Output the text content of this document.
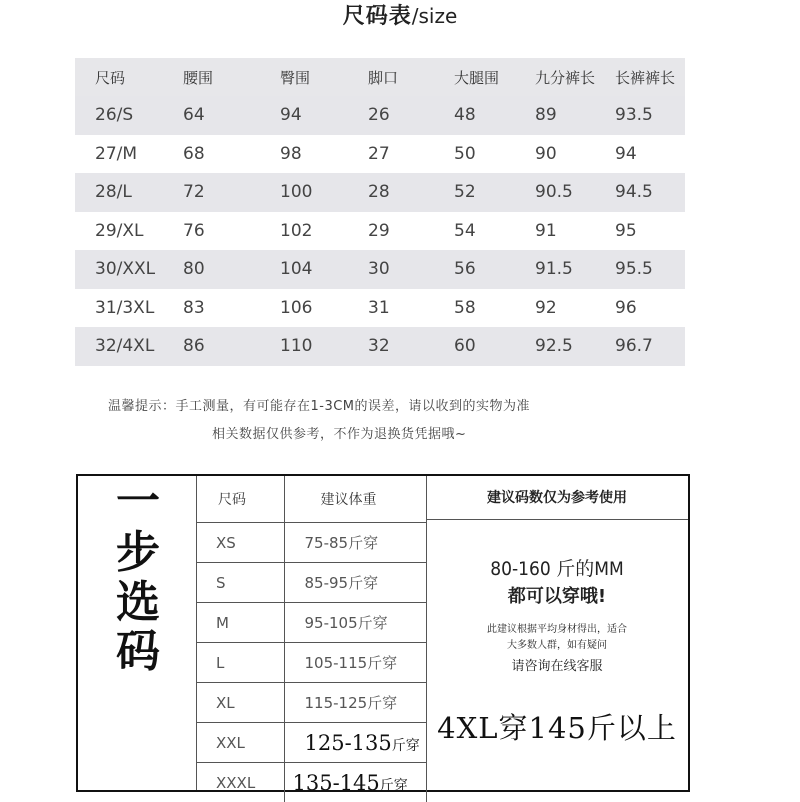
尺码表/size
	尺码	腰围	臀围	脚口	大腿围	九分裤长	长裤裤长
	26/S	64	94	26	48	89	93.5
	27/M	68	98	27	50	90	94
	28/L	72	100	28	52	90.5	94.5
	29/XL	76	102	29	54	91	95
	30/XXL	80	104	30	56	91.5	95.5
	31/3XL	83	106	31	58	92	96
	32/4XL	86	110	32	60	92.5	96.7
温馨提示：手工测量，有可能存在1-3CM的误差，请以收到的实物为准
相关数据仅供参考，不作为退换货凭据哦~
一
步
选
码
尺码	建议体重
XS	75-85斤穿
S	85-95斤穿
M	95-105斤穿
L	105-115斤穿
XL	115-125斤穿
XXL	125-135斤穿
XXXL	135-145斤穿
建议码数仅为参考使用
80-160 斤的MM
都可以穿哦!
此建议根据平均身材得出，适合
大多数人群，如有疑问
请咨询在线客服
4XL穿145斤以上
